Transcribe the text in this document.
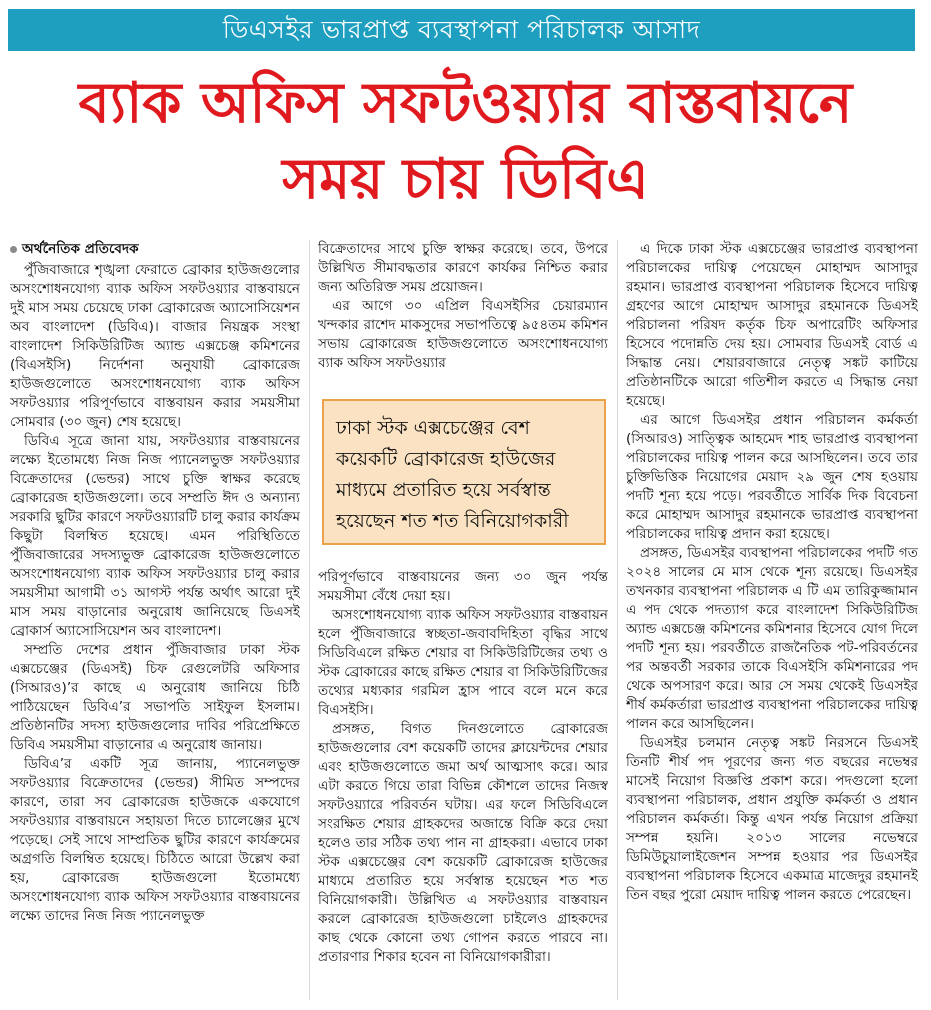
ডিএসইর ভারপ্রাপ্ত ব্যবস্থাপনা পরিচালক আসাদ
ব্যাক অফিস সফটওয়্যার বাস্তবায়নে
সময় চায় ডিবিএ
অর্থনৈতিক প্রতিবেদক

পুঁজিবাজারে শৃঙ্খলা ফেরাতে ব্রোকার হাউজগুলোর অসংশোধনযোগ্য ব্যাক অফিস সফটওয়্যার বাস্তবায়নে দুই মাস সময় চেয়েছে ঢাকা ব্রোকারেজ অ্যাসোসিয়েশন অব বাংলাদেশ (ডিবিএ)। বাজার নিয়ন্ত্রক সংস্থা বাংলাদেশ সিকিউরিটিজ অ্যান্ড এক্সচেঞ্জ কমিশনের (বিএসইসি) নির্দেশনা অনুযায়ী ব্রোকারেজ হাউজগুলোতে অসংশোধনযোগ্য ব্যাক অফিস সফটওয়্যার পরিপূর্ণভাবে বাস্তবায়ন করার সময়সীমা সোমবার (৩০ জুন) শেষ হয়েছে।

ডিবিএ সূত্রে জানা যায়, সফটওয়্যার বাস্তবায়নের লক্ষ্যে ইতোমধ্যে নিজ নিজ প্যানেলভুক্ত সফটওয়্যার বিক্রেতাদের (ভেন্ডর) সাথে চুক্তি স্বাক্ষর করেছে ব্রোকারেজ হাউজগুলো। তবে সম্প্রতি ঈদ ও অন্যান্য সরকারি ছুটির কারণে সফটওয়্যারটি চালু করার কার্যক্রম কিছুটা বিলম্বিত হয়েছে। এমন পরিস্থিতিতে পুঁজিবাজারের সদস্যভুক্ত ব্রোকারেজ হাউজগুলোতে অসংশোধনযোগ্য ব্যাক অফিস সফটওয়্যার চালু করার সময়সীমা আগামী ৩১ আগস্ট পর্যন্ত অর্থাৎ আরো দুই মাস সময় বাড়ানোর অনুরোধ জানিয়েছে ডিএসই ব্রোকার্স অ্যাসোসিয়েশন অব বাংলাদেশ।

সম্প্রতি দেশের প্রধান পুঁজিবাজার ঢাকা স্টক এক্সচেঞ্জের (ডিএসই) চিফ রেগুলেটরি অফিসার (সিআরও)’র কাছে এ অনুরোধ জানিয়ে চিঠি পাঠিয়েছেন ডিবিএ’র সভাপতি সাইফুল ইসলাম। প্রতিষ্ঠানটির সদস্য হাউজগুলোর দাবির পরিপ্রেক্ষিতে ডিবিএ সময়সীমা বাড়ানোর এ অনুরোধ জানায়।

ডিবিএ’র একটি সূত্র জানায়, প্যানেলভুক্ত সফটওয়্যার বিক্রেতাদের (ভেন্ডর) সীমিত সম্পদের কারণে, তারা সব ব্রোকারেজ হাউজকে একযোগে সফটওয়্যার বাস্তবায়নে সহায়তা দিতে চ্যালেঞ্জের মুখে পড়েছে। সেই সাথে সাম্প্রতিক ছুটির কারণে কার্যক্রমের অগ্রগতি বিলম্বিত হয়েছে। চিঠিতে আরো উল্লেখ করা হয়, ব্রোকারেজ হাউজগুলো ইতোমধ্যে অসংশোধনযোগ্য ব্যাক অফিস সফটওয়্যার বাস্তবায়নের লক্ষ্যে তাদের নিজ নিজ প্যানেলভুক্ত

বিক্রেতাদের সাথে চুক্তি স্বাক্ষর করেছে। তবে, উপরে উল্লিখিত সীমাবদ্ধতার কারণে কার্যকর নিশ্চিত করার জন্য অতিরিক্ত সময় প্রয়োজন।

এর আগে ৩০ এপ্রিল বিএসইসির চেয়ারম্যান খন্দকার রাশেদ মাকসুদের সভাপতিত্বে ৯৫৪তম কমিশন সভায় ব্রোকারেজ হাউজগুলোতে অসংশোধনযোগ্য ব্যাক অফিস সফটওয়্যার

ঢাকা স্টক এক্সচেঞ্জের বেশ কয়েকটি ব্রোকারেজ হাউজের মাধ্যমে প্রতারিত হয়ে সর্বস্বান্ত হয়েছেন শত শত বিনিয়োগকারী

পরিপূর্ণভাবে বাস্তবায়নের জন্য ৩০ জুন পর্যন্ত সময়সীমা বেঁধে দেয়া হয়।

অসংশোধনযোগ্য ব্যাক অফিস সফটওয়্যার বাস্তবায়ন হলে পুঁজিবাজারে স্বচ্ছতা-জবাবদিহিতা বৃদ্ধির সাথে সিডিবিএলে রক্ষিত শেয়ার বা সিকিউরিটিজের তথ্য ও স্টক ব্রোকারের কাছে রক্ষিত শেয়ার বা সিকিউরিটিজের তথ্যের মধ্যকার গরমিল হ্রাস পাবে বলে মনে করে বিএসইসি।

প্রসঙ্গত, বিগত দিনগুলোতে ব্রোকারেজ হাউজগুলোর বেশ কয়েকটি তাদের ক্লায়েন্টদের শেয়ার এবং হাউজগুলোতে জমা অর্থ আত্মসাৎ করে। আর এটা করতে গিয়ে তারা বিভিন্ন কৌশলে তাদের নিজস্ব সফটওয়্যারে পরিবর্তন ঘটায়। এর ফলে সিডিবিএলে সংরক্ষিত শেয়ার গ্রাহকদের অজান্তে বিক্রি করে দেয়া হলেও তার সঠিক তথ্য পান না গ্রাহকরা। এভাবে ঢাকা স্টক এক্সচেঞ্জের বেশ কয়েকটি ব্রোকারেজ হাউজের মাধ্যমে প্রতারিত হয়ে সর্বস্বান্ত হয়েছেন শত শত বিনিয়োগকারী। উল্লিখিত এ সফটওয়্যার বাস্তবায়ন করলে ব্রোকারেজ হাউজগুলো চাইলেও গ্রাহকদের কাছ থেকে কোনো তথ্য গোপন করতে পারবে না। প্রতারণার শিকার হবেন না বিনিয়োগকারীরা।

এ দিকে ঢাকা স্টক এক্সচেঞ্জের ভারপ্রাপ্ত ব্যবস্থাপনা পরিচালকের দায়িত্ব পেয়েছেন মোহাম্মদ আসাদুর রহমান। ভারপ্রাপ্ত ব্যবস্থাপনা পরিচালক হিসেবে দায়িত্ব গ্রহণের আগে মোহাম্মদ আসাদুর রহমানকে ডিএসই পরিচালনা পরিষদ কর্তৃক চিফ অপারেটিং অফিসার হিসেবে পদোন্নতি দেয় হয়। সোমবার ডিএসই বোর্ড এ সিদ্ধান্ত নেয়। শেয়ারবাজারে নেতৃত্ব সঙ্কট কাটিয়ে প্রতিষ্ঠানটিকে আরো গতিশীল করতে এ সিদ্ধান্ত নেয়া হয়েছে।

এর আগে ডিএসইর প্রধান পরিচালন কর্মকর্তা (সিআরও) সাত্ত্বিক আহমেদ শাহ ভারপ্রাপ্ত ব্যবস্থাপনা পরিচালকের দায়িত্ব পালন করে আসছিলেন। তবে তার চুক্তিভিত্তিক নিয়োগের মেয়াদ ২৯ জুন শেষ হওয়ায় পদটি শূন্য হয়ে পড়ে। পরবর্তীতে সার্বিক দিক বিবেচনা করে মোহাম্মদ আসাদুর রহমানকে ভারপ্রাপ্ত ব্যবস্থাপনা পরিচালকের দায়িত্ব প্রদান করা হয়েছে।

প্রসঙ্গত, ডিএসইর ব্যবস্থাপনা পরিচালকের পদটি গত ২০২৪ সালের মে মাস থেকে শূন্য রয়েছে। ডিএসইর তখনকার ব্যবস্থাপনা পরিচালক এ টি এম তারিকুজ্জামান এ পদ থেকে পদত্যাগ করে বাংলাদেশ সিকিউরিটিজ অ্যান্ড এক্সচেঞ্জ কমিশনের কমিশনার হিসেবে যোগ দিলে পদটি শূন্য হয়। পরবর্তীতে রাজনৈতিক পট-পরিবর্তনের পর অন্তবর্তী সরকার তাকে বিএসইসি কমিশনারের পদ থেকে অপসারণ করে। আর সে সময় থেকেই ডিএসইর শীর্ষ কর্মকর্তারা ভারপ্রাপ্ত ব্যবস্থাপনা পরিচালকের দায়িত্ব পালন করে আসছিলেন।

ডিএসইর চলমান নেতৃত্ব সঙ্কট নিরসনে ডিএসই তিনটি শীর্ষ পদ পূরণের জন্য গত বছরের নভেম্বর মাসেই নিয়োগ বিজ্ঞপ্তি প্রকাশ করে। পদগুলো হলো ব্যবস্থাপনা পরিচালক, প্রধান প্রযুক্তি কর্মকর্তা ও প্রধান পরিচালন কর্মকর্তা। কিন্তু এখন পর্যন্ত নিয়োগ প্রক্রিয়া সম্পন্ন হয়নি। ২০১৩ সালের নভেম্বরে ডিমিউচুয়ালাইজেশন সম্পন্ন হওয়ার পর ডিএসইর ব্যবস্থাপনা পরিচালক হিসেবে একমাত্র মাজেদুর রহমানই তিন বছর পুরো মেয়াদ দায়িত্ব পালন করতে পেরেছেন।
